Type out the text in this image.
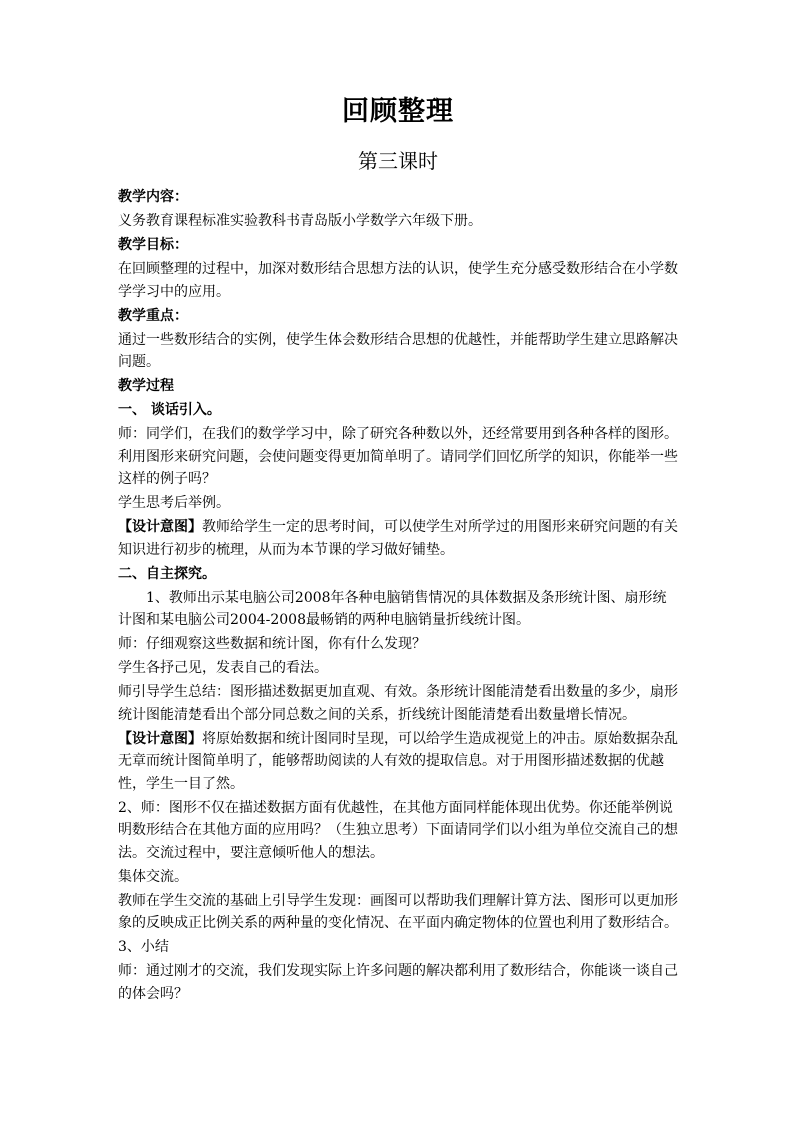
回顾整理
第三课时

教学内容：

义务教育课程标准实验教科书青岛版小学数学六年级下册。

教学目标：

在回顾整理的过程中，加深对数形结合思想方法的认识，使学生充分感受数形结合在小学数学学习中的应用。

教学重点：

通过一些数形结合的实例，使学生体会数形结合思想的优越性，并能帮助学生建立思路解决问题。

教学过程

一、 谈话引入。

师：同学们，在我们的数学学习中，除了研究各种数以外，还经常要用到各种各样的图形。利用图形来研究问题，会使问题变得更加简单明了。请同学们回忆所学的知识，你能举一些这样的例子吗？

学生思考后举例。

【设计意图】教师给学生一定的思考时间，可以使学生对所学过的用图形来研究问题的有关知识进行初步的梳理，从而为本节课的学习做好铺垫。

二、自主探究。

1、教师出示某电脑公司2008年各种电脑销售情况的具体数据及条形统计图、扇形统计图和某电脑公司2004-2008最畅销的两种电脑销量折线统计图。

师：仔细观察这些数据和统计图，你有什么发现？

学生各抒己见，发表自己的看法。

师引导学生总结：图形描述数据更加直观、有效。条形统计图能清楚看出数量的多少，扇形统计图能清楚看出个部分同总数之间的关系，折线统计图能清楚看出数量增长情况。

【设计意图】将原始数据和统计图同时呈现，可以给学生造成视觉上的冲击。原始数据杂乱无章而统计图简单明了，能够帮助阅读的人有效的提取信息。对于用图形描述数据的优越性，学生一目了然。

2、师：图形不仅在描述数据方面有优越性，在其他方面同样能体现出优势。你还能举例说明数形结合在其他方面的应用吗？（生独立思考）下面请同学们以小组为单位交流自己的想法。交流过程中，要注意倾听他人的想法。

集体交流。

教师在学生交流的基础上引导学生发现：画图可以帮助我们理解计算方法、图形可以更加形象的反映成正比例关系的两种量的变化情况、在平面内确定物体的位置也利用了数形结合。

3、小结

师：通过刚才的交流，我们发现实际上许多问题的解决都利用了数形结合，你能谈一谈自己的体会吗？
